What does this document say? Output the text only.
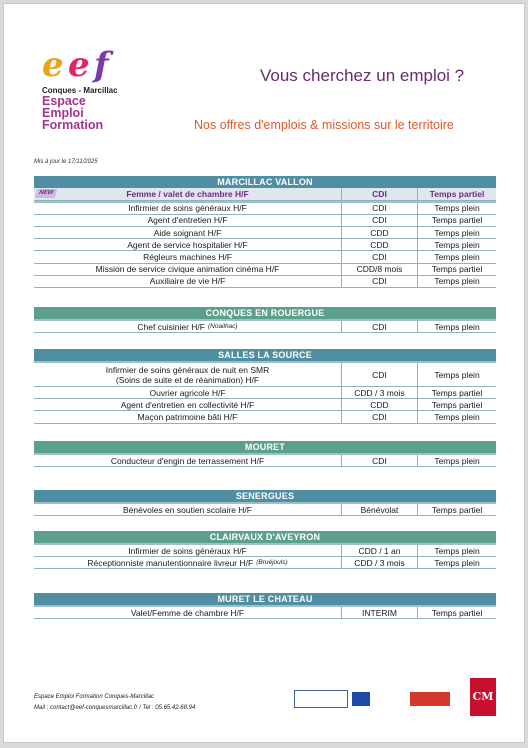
e e f
Conques - Marcillac
Espace
Emploi
Formation
Vous cherchez un emploi ?
Nos offres d'emplois & missions sur le territoire
Mis à jour le 17/11/2025
MARCILLAC VALLON
NEW	Femme / valet de chambre H/F	CDI	Temps partiel
Infirmier de soins généraux H/F	CDI	Temps plein
Agent d'entretien H/F	CDI	Temps partiel
Aide soignant H/F	CDD	Temps plein
Agent de service hospitalier H/F	CDD	Temps plein
Régleurs machines H/F	CDI	Temps plein
Mission de service civique animation cinéma H/F	CDD/8 mois	Temps partiel
Auxiliaire de vie H/F	CDI	Temps plein
CONQUES EN ROUERGUE
Chef cuisinier H/F (Noailhac)	CDI	Temps plein
SALLES LA SOURCE
Infirmier de soins généraux de nuit en SMR
(Soins de suite et de réanimation) H/F	CDI	Temps plein
Ouvrier agricole H/F	CDD / 3 mois	Temps partiel
Agent d'entretien en collectivité H/F	CDD	Temps partiel
Maçon patrimoine bâti H/F	CDI	Temps plein
MOURET
Conducteur d'engin de terrassement H/F	CDI	Temps plein
SENERGUES
Bénévoles en soutien scolaire H/F	Bénévolat	Temps partiel
CLAIRVAUX D'AVEYRON
Infirmier de soins généraux H/F	CDD / 1 an	Temps plein
Réceptionniste manutentionnaire livreur H/F (Bruéjouls)	CDD / 3 mois	Temps plein
MURET LE CHATEAU
Valet/Femme de chambre H/F	INTERIM	Temps partiel
Espace Emploi Formation Conques-Marcillac
Mail : contact@eef-conquesmarcillac.fr / Tel : 05.65.42.68.94
CM
